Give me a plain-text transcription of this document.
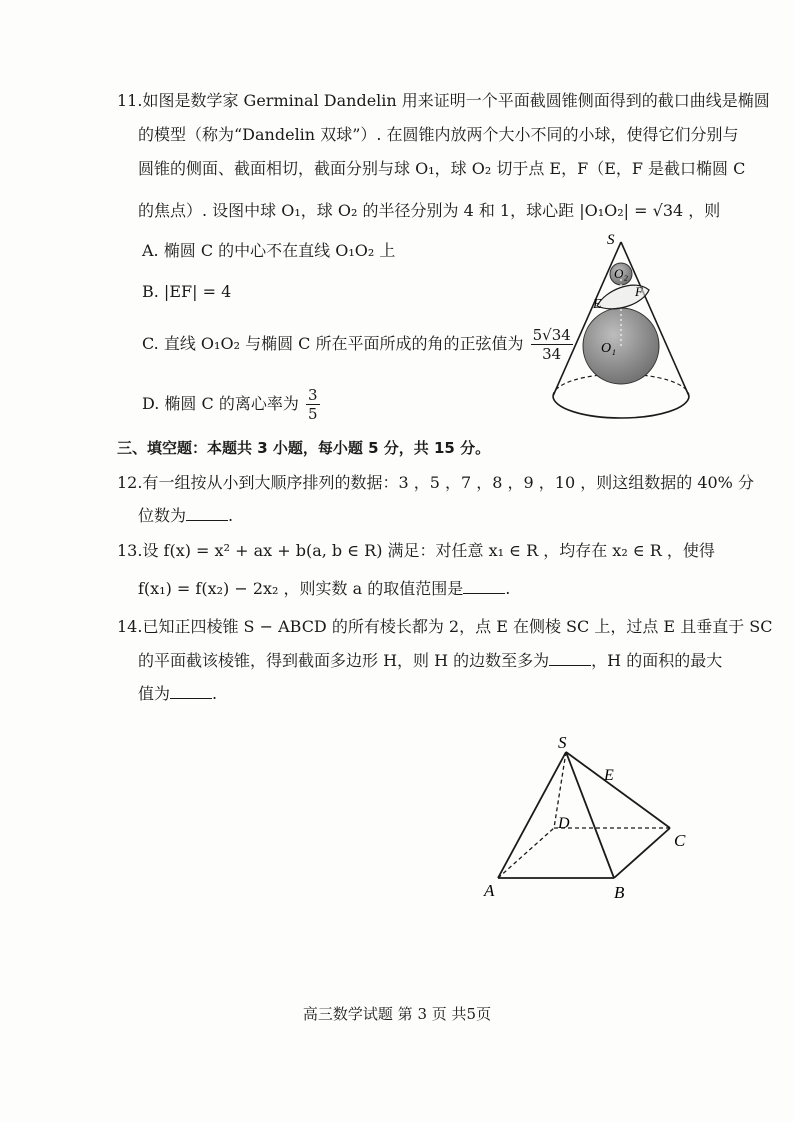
11.如图是数学家 Germinal Dandelin 用来证明一个平面截圆锥侧面得到的截口曲线是椭圆
的模型（称为“Dandelin 双球”）. 在圆锥内放两个大小不同的小球，使得它们分别与
圆锥的侧面、截面相切，截面分别与球 O₁，球 O₂ 切于点 E，F（E，F 是截口椭圆 C
的焦点）. 设图中球 O₁，球 O₂ 的半径分别为 4 和 1，球心距 |O₁O₂| = √34 ，则
A. 椭圆 C 的中心不在直线 O₁O₂ 上
B. |EF| = 4
C. 直线 O₁O₂ 与椭圆 C 所在平面所成的角的正弦值为 $\frac{5√34}{34}$
D. 椭圆 C 的离心率为 $\frac{3}{5}$
S
O₂
E
F
O₁
三、填空题：本题共 3 小题，每小题 5 分，共 15 分。
12.有一组按从小到大顺序排列的数据：3 ，5 ，7 ，8 ，9 ，10 ，则这组数据的 40% 分
位数为	.
13.设 f(x) = x² + ax + b(a, b ∈ R) 满足：对任意 x₁ ∈ R ，均存在 x₂ ∈ R ，使得
f(x₁) = f(x₂) − 2x₂ ，则实数 a 的取值范围是	.
14.已知正四棱锥 S − ABCD 的所有棱长都为 2，点 E 在侧棱 SC 上，过点 E 且垂直于 SC
的平面截该棱锥，得到截面多边形 H，则 H 的边数至多为	，H 的面积的最大
值为	.
S
E
D
C
A	B
高三数学试题 第 3 页 共5页
